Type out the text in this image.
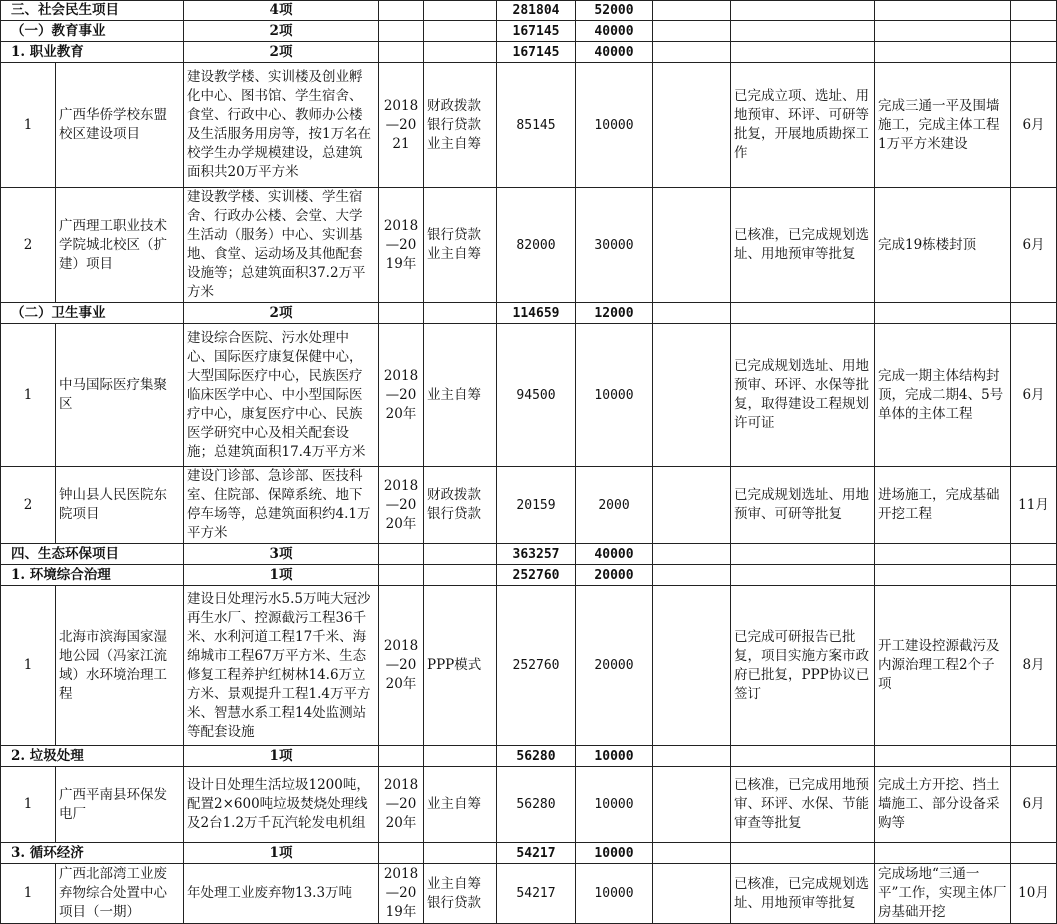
三、社会民生项目		4项			281804	52000				
（一）教育事业		2项			167145	40000				
1. 职业教育		2项			167145	40000				
1	广西华侨学校东盟校区建设项目	建设教学楼、实训楼及创业孵化中心、图书馆、学生宿舍、食堂、行政中心、教师办公楼及生活服务用房等，按1万名在校学生办学规模建设，总建筑面积共20万平方米	2018—2021	财政拨款银行贷款业主自筹	85145	10000		已完成立项、选址、用地预审、环评、可研等批复，开展地质勘探工作	完成三通一平及围墙施工，完成主体工程1万平方米建设	6月
2	广西理工职业技术学院城北校区（扩建）项目	建设教学楼、实训楼、学生宿舍、行政办公楼、会堂、大学生活动（服务）中心、实训基地、食堂、运动场及其他配套设施等；总建筑面积37.2万平方米	2018—2019年	银行贷款业主自筹	82000	30000		已核准，已完成规划选址、用地预审等批复	完成19栋楼封顶	6月
（二）卫生事业		2项			114659	12000				
1	中马国际医疗集聚区	建设综合医院、污水处理中心、国际医疗康复保健中心，大型国际医疗中心，民族医疗临床医学中心、中小型国际医疗中心，康复医疗中心、民族医学研究中心及相关配套设施；总建筑面积17.4万平方米	2018—2020年	业主自筹	94500	10000		已完成规划选址、用地预审、环评、水保等批复，取得建设工程规划许可证	完成一期主体结构封顶，完成二期4、5号单体的主体工程	6月
2	钟山县人民医院东院项目	建设门诊部、急诊部、医技科室、住院部、保障系统、地下停车场等，总建筑面积约4.1万平方米	2018—2020年	财政拨款银行贷款	20159	2000		已完成规划选址、用地预审、可研等批复	进场施工，完成基础开挖工程	11月
四、生态环保项目		3项			363257	40000				
1. 环境综合治理		1项			252760	20000				
1	北海市滨海国家湿地公园（冯家江流域）水环境治理工程	建设日处理污水5.5万吨大冠沙再生水厂、控源截污工程36千米、水利河道工程17千米、海绵城市工程67万平方米、生态修复工程养护红树林14.6万立方米、景观提升工程1.4万平方米、智慧水系工程14处监测站等配套设施	2018—2020年	PPP模式	252760	20000		已完成可研报告已批复，项目实施方案市政府已批复，PPP协议已签订	开工建设控源截污及内源治理工程2个子项	8月
2. 垃圾处理		1项			56280	10000				
1	广西平南县环保发电厂	设计日处理生活垃圾1200吨，配置2×600吨垃圾焚烧处理线及2台1.2万千瓦汽轮发电机组	2018—2020年	业主自筹	56280	10000		已核准，已完成用地预审、环评、水保、节能审查等批复	完成土方开挖、挡土墙施工、部分设备采购等	6月
3. 循环经济		1项			54217	10000				
1	广西北部湾工业废弃物综合处置中心项目（一期）	年处理工业废弃物13.3万吨	2018—2019年	业主自筹银行贷款	54217	10000		已核准，已完成规划选址、用地预审等批复	完成场地“三通一平”工作，实现主体厂房基础开挖	10月
